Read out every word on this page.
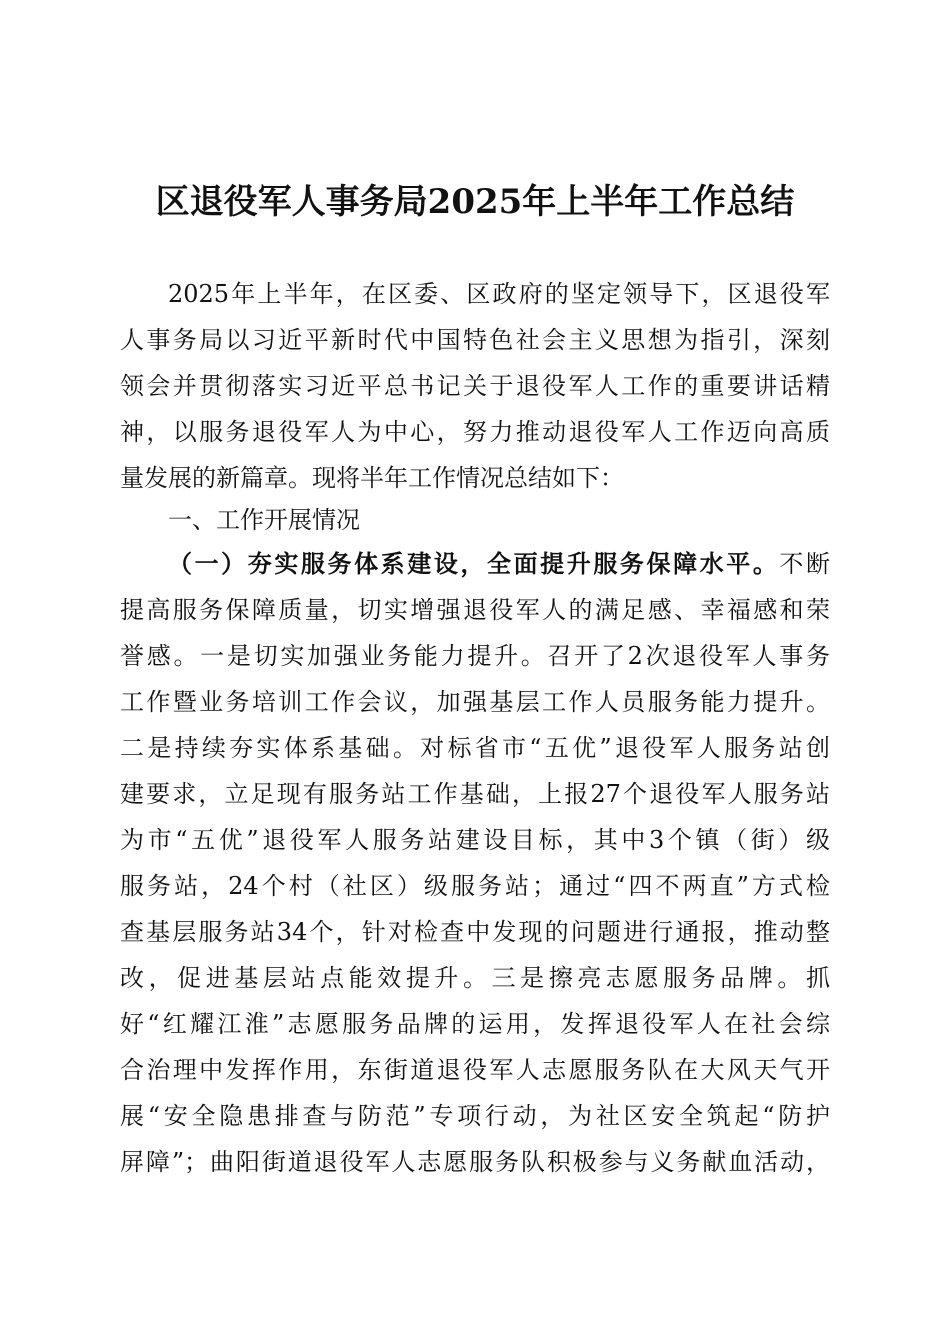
区退役军人事务局2025年上半年工作总结
2025年上半年，在区委、区政府的坚定领导下，区退役军
人事务局以习近平新时代中国特色社会主义思想为指引，深刻
领会并贯彻落实习近平总书记关于退役军人工作的重要讲话精
神，以服务退役军人为中心，努力推动退役军人工作迈向高质
量发展的新篇章。现将半年工作情况总结如下：
一、工作开展情况
（一）夯实服务体系建设，全面提升服务保障水平。不断
提高服务保障质量，切实增强退役军人的满足感、幸福感和荣
誉感。一是切实加强业务能力提升。召开了2次退役军人事务
工作暨业务培训工作会议，加强基层工作人员服务能力提升。
二是持续夯实体系基础。对标省市“五优”退役军人服务站创
建要求，立足现有服务站工作基础，上报27个退役军人服务站
为市“五优”退役军人服务站建设目标，其中3个镇（街）级
服务站，24个村（社区）级服务站；通过“四不两直”方式检
查基层服务站34个，针对检查中发现的问题进行通报，推动整
改，促进基层站点能效提升。三是擦亮志愿服务品牌。抓
好“红耀江淮”志愿服务品牌的运用，发挥退役军人在社会综
合治理中发挥作用，东街道退役军人志愿服务队在大风天气开
展“安全隐患排查与防范”专项行动，为社区安全筑起“防护
屏障”；曲阳街道退役军人志愿服务队积极参与义务献血活动，
